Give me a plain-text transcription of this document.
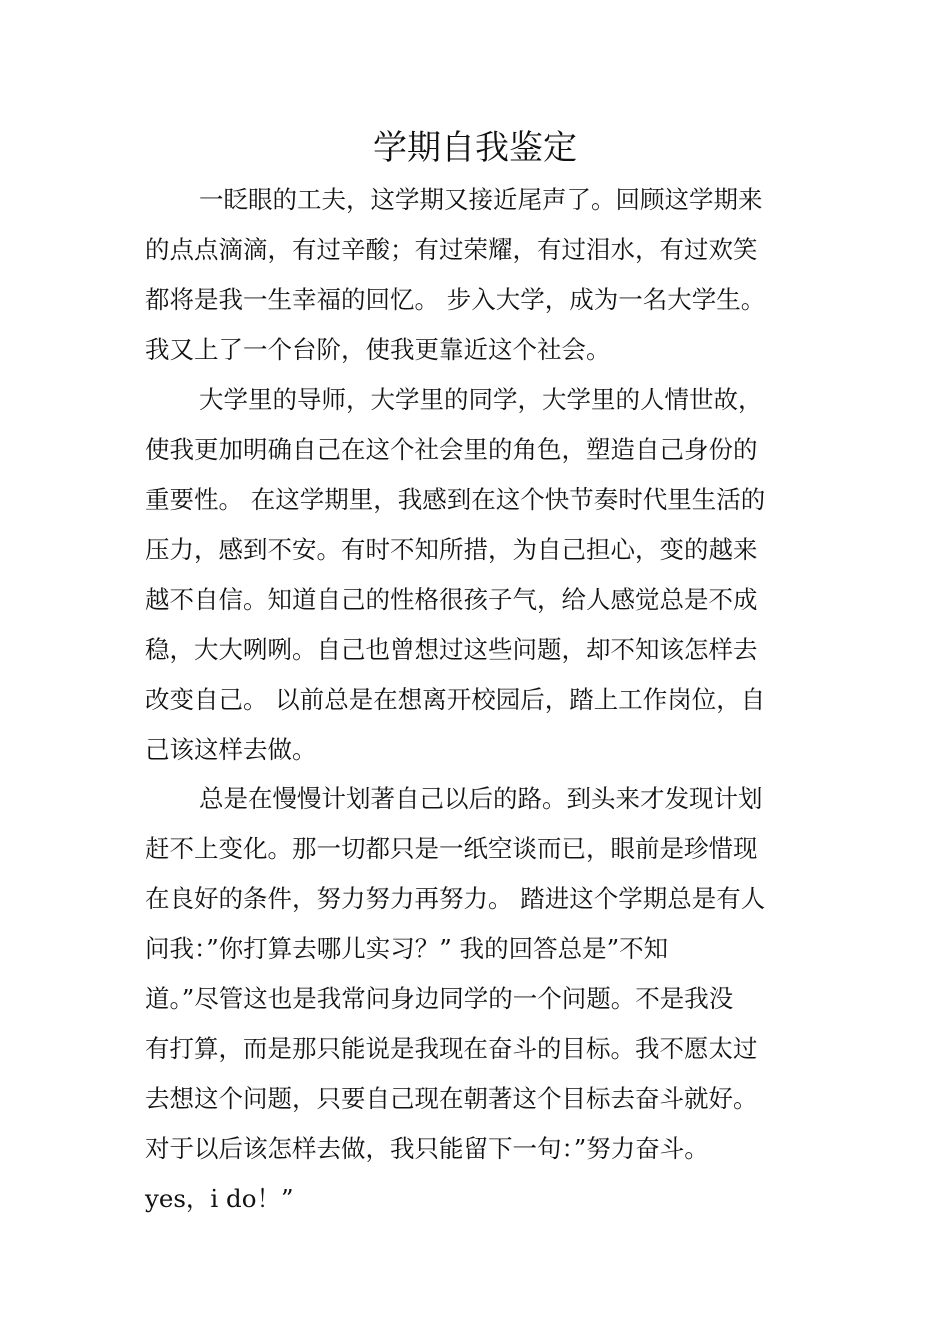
学期自我鉴定
一眨眼的工夫，这学期又接近尾声了。回顾这学期来
的点点滴滴，有过辛酸；有过荣耀，有过泪水，有过欢笑
都将是我一生幸福的回忆。 步入大学，成为一名大学生。
我又上了一个台阶，使我更靠近这个社会。
大学里的导师，大学里的同学，大学里的人情世故，
使我更加明确自己在这个社会里的角色，塑造自己身份的
重要性。 在这学期里，我感到在这个快节奏时代里生活的
压力，感到不安。有时不知所措，为自己担心，变的越来
越不自信。知道自己的性格很孩子气，给人感觉总是不成
稳，大大咧咧。自己也曾想过这些问题，却不知该怎样去
改变自己。 以前总是在想离开校园后，踏上工作岗位，自
己该这样去做。
总是在慢慢计划著自己以后的路。到头来才发现计划
赶不上变化。那一切都只是一纸空谈而已，眼前是珍惜现
在良好的条件，努力努力再努力。 踏进这个学期总是有人
问我：”你打算去哪儿实习？” 我的回答总是”不知
道。”尽管这也是我常问身边同学的一个问题。不是我没
有打算，而是那只能说是我现在奋斗的目标。我不愿太过
去想这个问题，只要自己现在朝著这个目标去奋斗就好。
对于以后该怎样去做，我只能留下一句：”努力奋斗。
yes，i do！”
